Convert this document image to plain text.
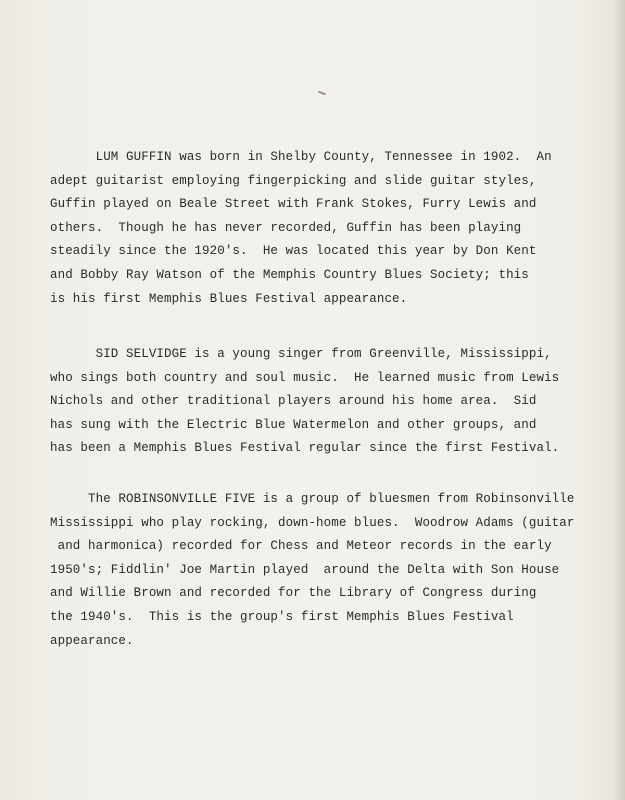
LUM GUFFIN was born in Shelby County, Tennessee in 1902.  An
adept guitarist employing fingerpicking and slide guitar styles,
Guffin played on Beale Street with Frank Stokes, Furry Lewis and
others.  Though he has never recorded, Guffin has been playing
steadily since the 1920's.  He was located this year by Don Kent
and Bobby Ray Watson of the Memphis Country Blues Society; this
is his first Memphis Blues Festival appearance.

SID SELVIDGE is a young singer from Greenville, Mississippi,
who sings both country and soul music.  He learned music from Lewis
Nichols and other traditional players around his home area.  Sid
has sung with the Electric Blue Watermelon and other groups, and
has been a Memphis Blues Festival regular since the first Festival.

The ROBINSONVILLE FIVE is a group of bluesmen from Robinsonville
Mississippi who play rocking, down-home blues.  Woodrow Adams (guitar
and harmonica) recorded for Chess and Meteor records in the early
1950's; Fiddlin' Joe Martin played  around the Delta with Son House
and Willie Brown and recorded for the Library of Congress during
the 1940's.  This is the group's first Memphis Blues Festival
appearance.
